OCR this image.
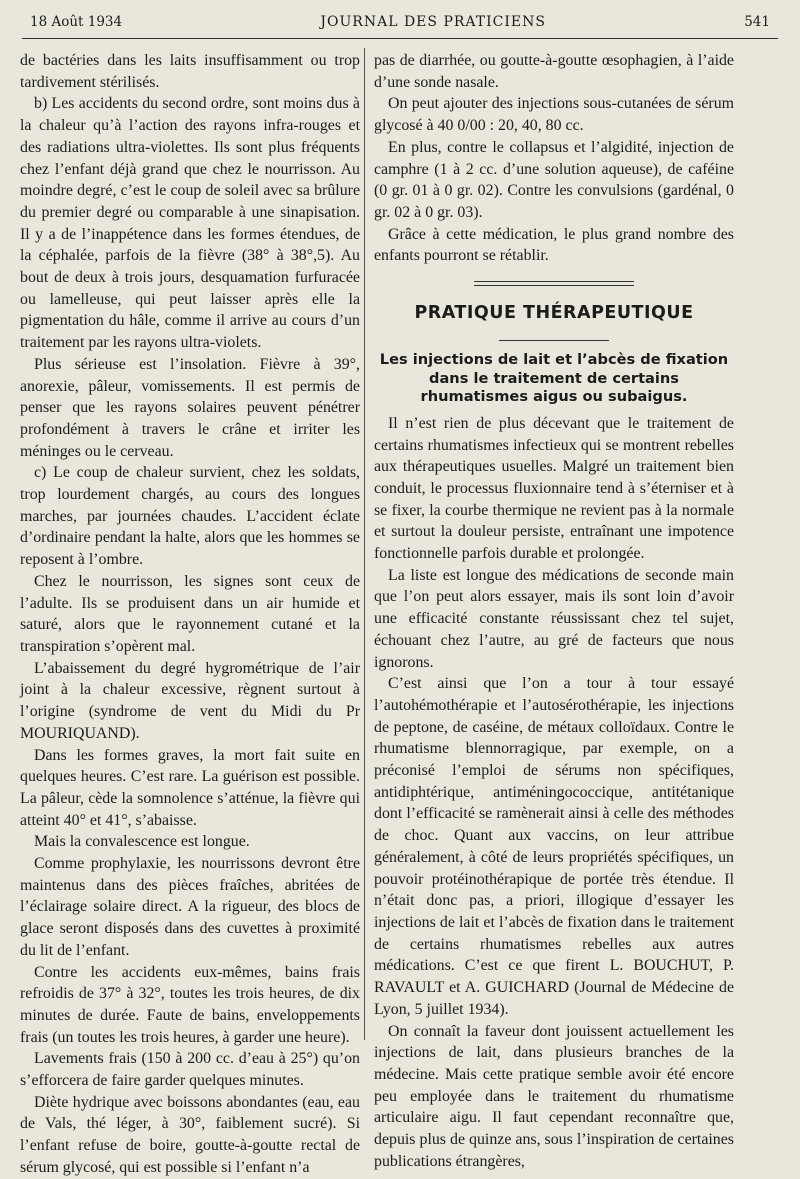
18 Août 1934	JOURNAL DES PRATICIENS	541

de bactéries dans les laits insuffisamment ou trop tardivement stérilisés.

b) Les accidents du second ordre, sont moins dus à la chaleur qu’à l’action des rayons infra-rouges et des radiations ultra-violettes. Ils sont plus fréquents chez l’enfant déjà grand que chez le nourrisson. Au moindre degré, c’est le coup de soleil avec sa brûlure du premier degré ou comparable à une sinapisation. Il y a de l’inappétence dans les formes étendues, de la céphalée, parfois de la fièvre (38° à 38°,5). Au bout de deux à trois jours, desquamation furfuracée ou lamelleuse, qui peut laisser après elle la pigmentation du hâle, comme il arrive au cours d’un traitement par les rayons ultra-violets.

Plus sérieuse est l’insolation. Fièvre à 39°, anorexie, pâleur, vomissements. Il est permis de penser que les rayons solaires peuvent pénétrer profondément à travers le crâne et irriter les méninges ou le cerveau.

c) Le coup de chaleur survient, chez les soldats, trop lourdement chargés, au cours des longues marches, par journées chaudes. L’accident éclate d’ordinaire pendant la halte, alors que les hommes se reposent à l’ombre.

Chez le nourrisson, les signes sont ceux de l’adulte. Ils se produisent dans un air humide et saturé, alors que le rayonnement cutané et la transpiration s’opèrent mal.

L’abaissement du degré hygrométrique de l’air joint à la chaleur excessive, règnent surtout à l’origine (syndrome de vent du Midi du Pr MOURIQUAND).

Dans les formes graves, la mort fait suite en quelques heures. C’est rare. La guérison est possible. La pâleur, cède la somnolence s’atténue, la fièvre qui atteint 40° et 41°, s’abaisse.

Mais la convalescence est longue.

Comme prophylaxie, les nourrissons devront être maintenus dans des pièces fraîches, abritées de l’éclairage solaire direct. A la rigueur, des blocs de glace seront disposés dans des cuvettes à proximité du lit de l’enfant.

Contre les accidents eux-mêmes, bains frais refroidis de 37° à 32°, toutes les trois heures, de dix minutes de durée. Faute de bains, enveloppements frais (un toutes les trois heures, à garder une heure).

Lavements frais (150 à 200 cc. d’eau à 25°) qu’on s’efforcera de faire garder quelques minutes.

Diète hydrique avec boissons abondantes (eau, eau de Vals, thé léger, à 30°, faiblement sucré). Si l’enfant refuse de boire, goutte-à-goutte rectal de sérum glycosé, qui est possible si l’enfant n’a

pas de diarrhée, ou goutte-à-goutte œsophagien, à l’aide d’une sonde nasale.

On peut ajouter des injections sous-cutanées de sérum glycosé à 40 0/00 : 20, 40, 80 cc.

En plus, contre le collapsus et l’algidité, injection de camphre (1 à 2 cc. d’une solution aqueuse), de caféine (0 gr. 01 à 0 gr. 02). Contre les convulsions (gardénal, 0 gr. 02 à 0 gr. 03).

Grâce à cette médication, le plus grand nombre des enfants pourront se rétablir.

PRATIQUE THÉRAPEUTIQUE
Les injections de lait et l’abcès de fixation dans le traitement de certains rhumatismes aigus ou subaigus.

Il n’est rien de plus décevant que le traitement de certains rhumatismes infectieux qui se montrent rebelles aux thérapeutiques usuelles. Malgré un traitement bien conduit, le processus fluxionnaire tend à s’éterniser et à se fixer, la courbe thermique ne revient pas à la normale et surtout la douleur persiste, entraînant une impotence fonctionnelle parfois durable et prolongée.

La liste est longue des médications de seconde main que l’on peut alors essayer, mais ils sont loin d’avoir une efficacité constante réussissant chez tel sujet, échouant chez l’autre, au gré de facteurs que nous ignorons.

C’est ainsi que l’on a tour à tour essayé l’autohémothérapie et l’autosérothérapie, les injections de peptone, de caséine, de métaux colloïdaux. Contre le rhumatisme blennorragique, par exemple, on a préconisé l’emploi de sérums non spécifiques, antidiphtérique, antiméningococcique, antitétanique dont l’efficacité se ramènerait ainsi à celle des méthodes de choc. Quant aux vaccins, on leur attribue généralement, à côté de leurs propriétés spécifiques, un pouvoir protéinothérapique de portée très étendue. Il n’était donc pas, a priori, illogique d’essayer les injections de lait et l’abcès de fixation dans le traitement de certains rhumatismes rebelles aux autres médications. C’est ce que firent L. BOUCHUT, P. RAVAULT et A. GUICHARD (Journal de Médecine de Lyon, 5 juillet 1934).

On connaît la faveur dont jouissent actuellement les injections de lait, dans plusieurs branches de la médecine. Mais cette pratique semble avoir été encore peu employée dans le traitement du rhumatisme articulaire aigu. Il faut cependant reconnaître que, depuis plus de quinze ans, sous l’inspiration de certaines publications étrangères,
